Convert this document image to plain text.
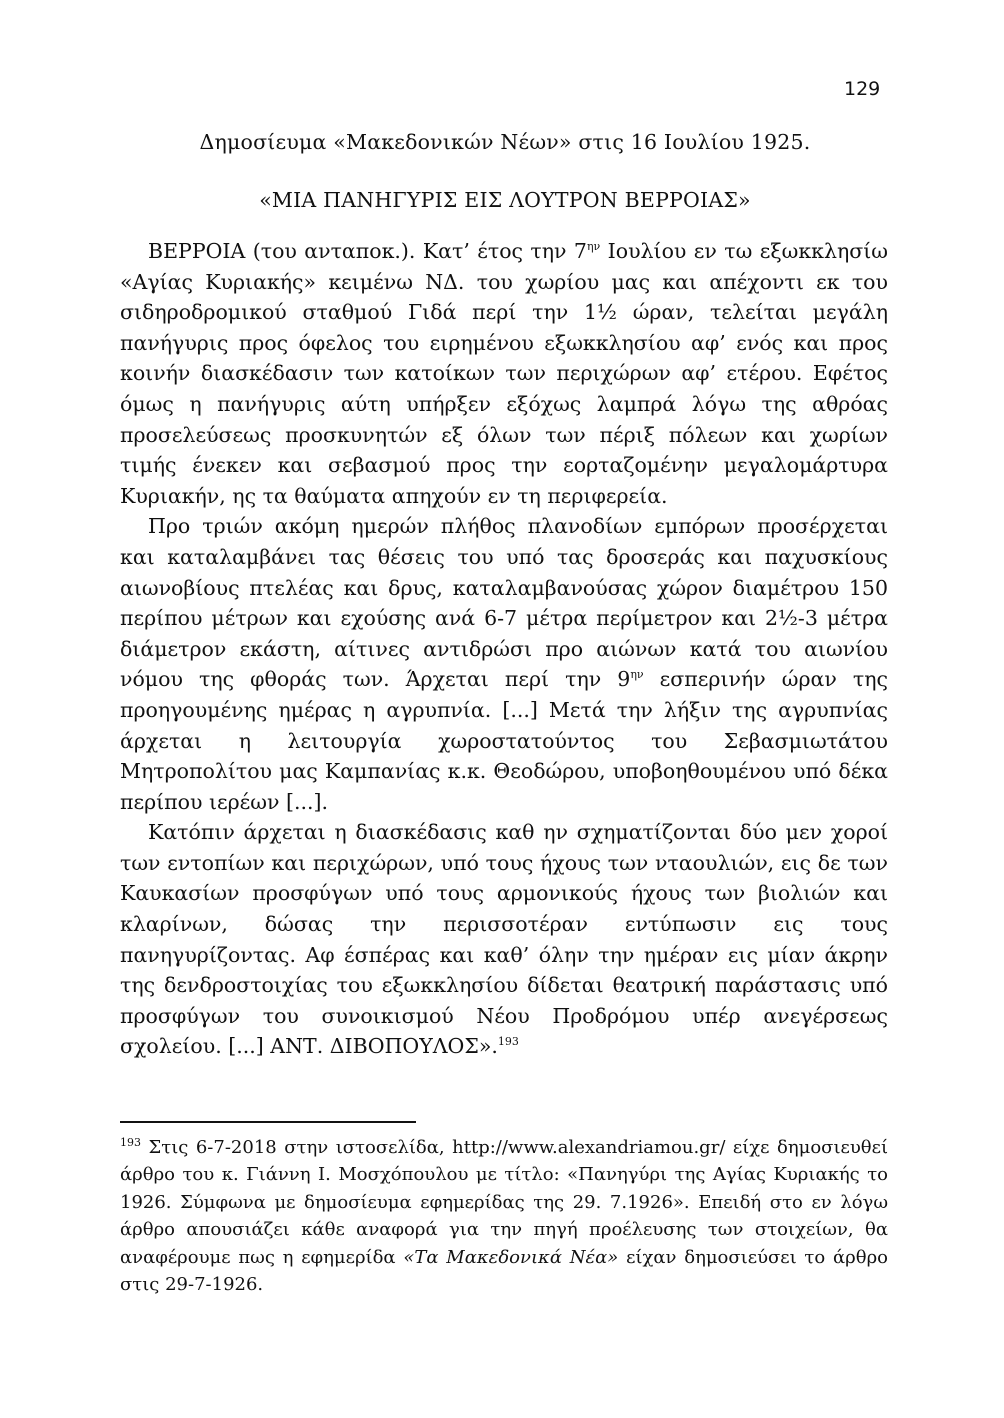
129
Δημοσίευμα «Μακεδονικών Νέων» στις 16 Ιουλίου 1925.
«ΜΙΑ ΠΑΝΗΓΥΡΙΣ ΕΙΣ ΛΟΥΤΡΟΝ ΒΕΡΡΟΙΑΣ»

ΒΕΡΡΟΙΑ (του ανταποκ.). Κατ’ έτος την $7^{\eta\nu}$ Ιουλίου εν τω εξωκκλησίω «Αγίας Κυριακής» κειμένω ΝΔ. του χωρίου μας και απέχοντι εκ του σιδηροδρομικού σταθμού Γιδά περί την 1½ ώραν, τελείται μεγάλη πανήγυρις προς όφελος του ειρημένου εξωκκλησίου αφ’ ενός και προς κοινήν διασκέδασιν των κατοίκων των περιχώρων αφ’ ετέρου. Εφέτος όμως η πανήγυρις αύτη υπήρξεν εξόχως λαμπρά λόγω της αθρόας προσελεύσεως προσκυνητών εξ όλων των πέριξ πόλεων και χωρίων τιμής ένεκεν και σεβασμού προς την εορταζομένην μεγαλομάρτυρα Κυριακήν, ης τα θαύματα απηχούν εν τη περιφερεία.

Προ τριών ακόμη ημερών πλήθος πλανοδίων εμπόρων προσέρχεται και καταλαμβάνει τας θέσεις του υπό τας δροσεράς και παχυσκίους αιωνοβίους πτελέας και δρυς, καταλαμβανούσας χώρον διαμέτρου 150 περίπου μέτρων και εχούσης ανά 6-7 μέτρα περίμετρον και 2½-3 μέτρα διάμετρον εκάστη, αίτινες αντιδρώσι προ αιώνων κατά του αιωνίου νόμου της φθοράς των. Άρχεται περί την $9^{\eta\nu}$ εσπερινήν ώραν της προηγουμένης ημέρας η αγρυπνία. [...] Μετά την λήξιν της αγρυπνίας άρχεται η λειτουργία χωροστατούντος του Σεβασμιωτάτου Μητροπολίτου μας Καμπανίας κ.κ. Θεοδώρου, υποβοηθουμένου υπό δέκα περίπου ιερέων [...].

Κατόπιν άρχεται η διασκέδασις καθ ην σχηματίζονται δύο μεν χοροί των εντοπίων και περιχώρων, υπό τους ήχους των νταουλιών, εις δε των Καυκασίων προσφύγων υπό τους αρμονικούς ήχους των βιολιών και κλαρίνων, δώσας την περισσοτέραν εντύπωσιν εις τους πανηγυρίζοντας. Αφ έσπέρας και καθ’ όλην την ημέραν εις μίαν άκρην της δενδροστοιχίας του εξωκκλησίου δίδεται θεατρική παράστασις υπό προσφύγων του συνοικισμού Νέου Προδρόμου υπέρ ανεγέρσεως σχολείου. [...] ΑΝΤ. ΔΙΒΟΠΟΥΛΟΣ».$^{193}$

$^{193}$ Στις 6-7-2018 στην ιστοσελίδα, http://www.alexandriamou.gr/ είχε δημοσιευθεί άρθρο του κ. Γιάννη Ι. Μοσχόπουλου με τίτλο: «Πανηγύρι της Αγίας Κυριακής το 1926. Σύμφωνα με δημοσίευμα εφημερίδας της 29. 7.1926». Επειδή στο εν λόγω άρθρο απουσιάζει κάθε αναφορά για την πηγή προέλευσης των στοιχείων, θα αναφέρουμε πως η εφημερίδα «Τα Μακεδονικά Νέα» είχαν δημοσιεύσει το άρθρο στις 29-7-1926.
